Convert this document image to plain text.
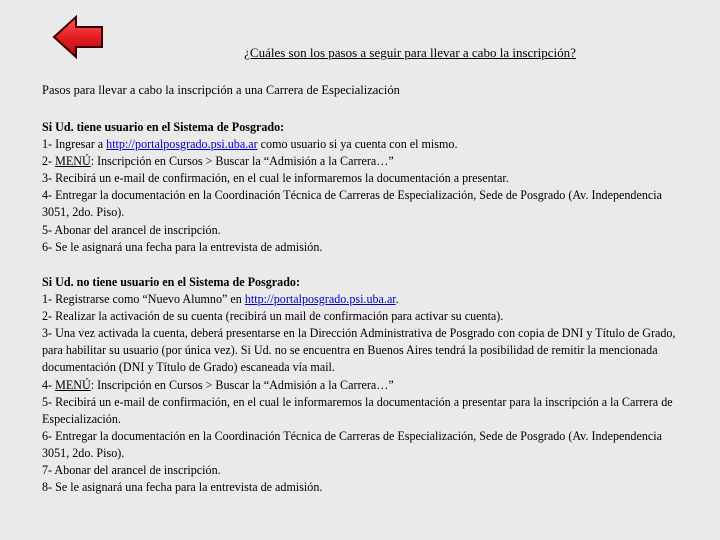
¿Cuáles son los pasos a seguir para llevar a cabo la inscripción?
Pasos para llevar a cabo la inscripción a una Carrera de Especialización

Si Ud. tiene usuario en el Sistema de Posgrado:

1- Ingresar a http://portalposgrado.psi.uba.ar como usuario si ya cuenta con el mismo.

2- MENÚ: Inscripción en Cursos > Buscar la “Admisión a la Carrera…”

3- Recibirá un e-mail de confirmación, en el cual le informaremos la documentación a presentar.

4- Entregar la documentación en la Coordinación Técnica de Carreras de Especialización, Sede de Posgrado (Av. Independencia 3051, 2do. Piso).

5- Abonar del arancel de inscripción.

6- Se le asignará una fecha para la entrevista de admisión.

Si Ud. no tiene usuario en el Sistema de Posgrado:

1- Registrarse como “Nuevo Alumno” en http://portalposgrado.psi.uba.ar.

2- Realizar la activación de su cuenta (recibirá un mail de confirmación para activar su cuenta).

3- Una vez activada la cuenta, deberá presentarse en la Dirección Administrativa de Posgrado con copia de DNI y Título de Grado, para habilitar su usuario (por única vez). Si Ud. no se encuentra en Buenos Aires tendrá la posibilidad de remitir la mencionada documentación (DNI y Título de Grado) escaneada vía mail.

4- MENÚ: Inscripción en Cursos > Buscar la “Admisión a la Carrera…”

5- Recibirá un e-mail de confirmación, en el cual le informaremos la documentación a presentar para la inscripción a la Carrera de Especialización.

6- Entregar la documentación en la Coordinación Técnica de Carreras de Especialización, Sede de Posgrado (Av. Independencia 3051, 2do. Piso).

7- Abonar del arancel de inscripción.

8- Se le asignará una fecha para la entrevista de admisión.
